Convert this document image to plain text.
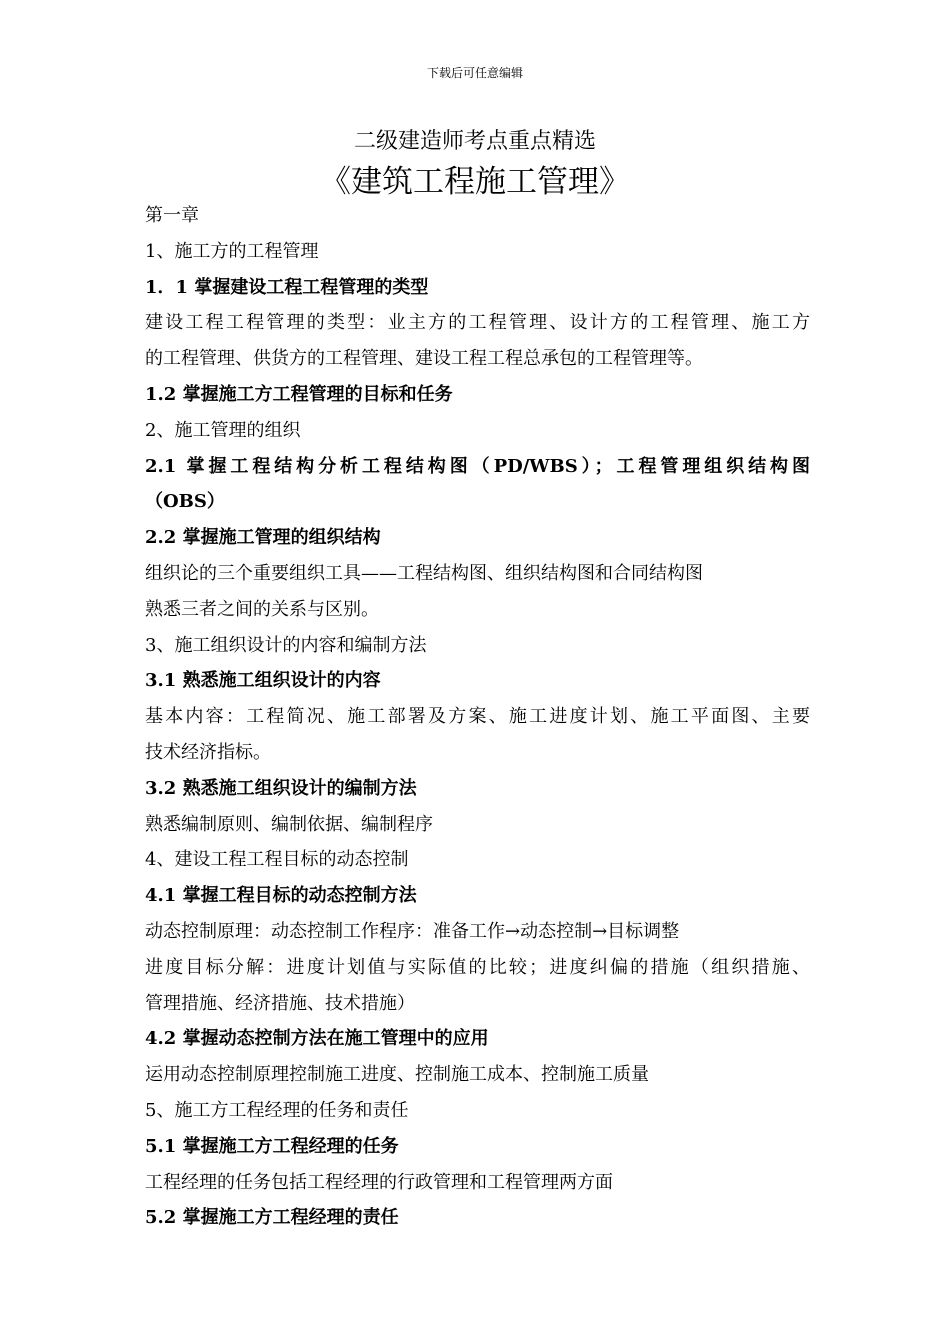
下载后可任意编辑
二级建造师考点重点精选
《建筑工程施工管理》
第一章
1、施工方的工程管理
1．1 掌握建设工程工程管理的类型
建设工程工程管理的类型：业主方的工程管理、设计方的工程管理、施工方
的工程管理、供货方的工程管理、建设工程工程总承包的工程管理等。
1.2 掌握施工方工程管理的目标和任务
2、施工管理的组织
2.1 掌握工程结构分析工程结构图（PD/WBS）；工程管理组织结构图
（OBS）
2.2 掌握施工管理的组织结构
组织论的三个重要组织工具——工程结构图、组织结构图和合同结构图
熟悉三者之间的关系与区别。
3、施工组织设计的内容和编制方法
3.1 熟悉施工组织设计的内容
基本内容：工程简况、施工部署及方案、施工进度计划、施工平面图、主要
技术经济指标。
3.2 熟悉施工组织设计的编制方法
熟悉编制原则、编制依据、编制程序
4、建设工程工程目标的动态控制
4.1 掌握工程目标的动态控制方法
动态控制原理：动态控制工作程序：准备工作→动态控制→目标调整
进度目标分解：进度计划值与实际值的比较；进度纠偏的措施（组织措施、
管理措施、经济措施、技术措施）
4.2 掌握动态控制方法在施工管理中的应用
运用动态控制原理控制施工进度、控制施工成本、控制施工质量
5、施工方工程经理的任务和责任
5.1 掌握施工方工程经理的任务
工程经理的任务包括工程经理的行政管理和工程管理两方面
5.2 掌握施工方工程经理的责任
